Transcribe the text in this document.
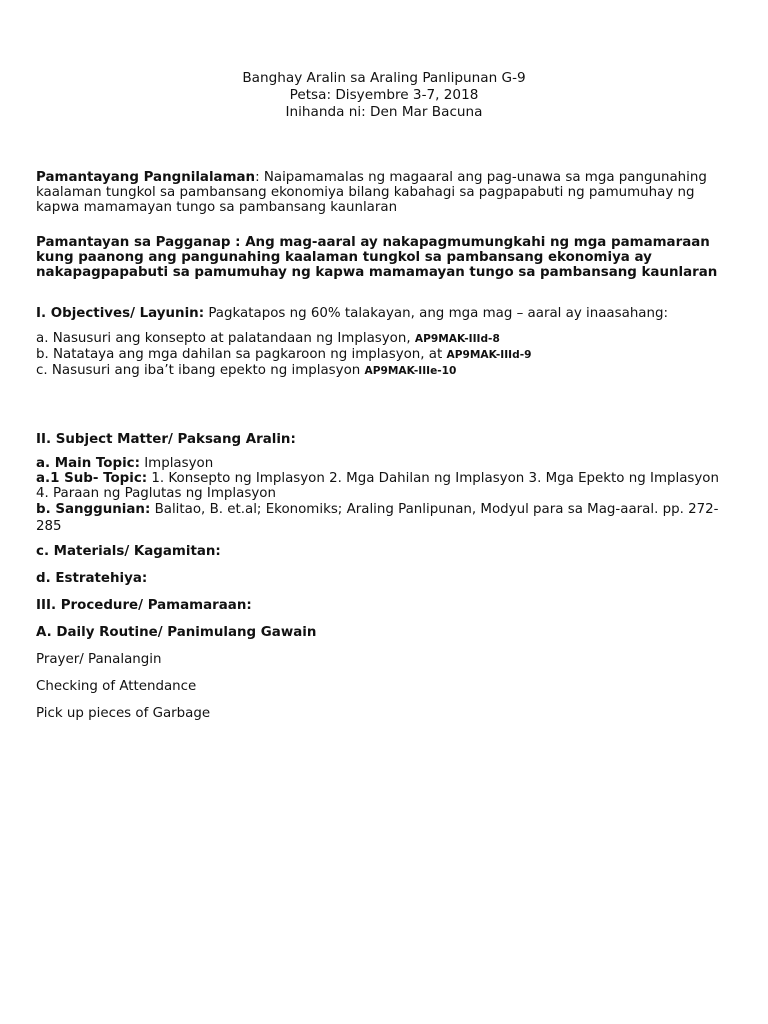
Banghay Aralin sa Araling Panlipunan G-9

Petsa: Disyembre 3-7, 2018

Inihanda ni: Den Mar Bacuna

Pamantayang Pangnilalaman: Naipamamalas ng magaaral ang pag-unawa sa mga pangunahing kaalaman tungkol sa pambansang ekonomiya bilang kabahagi sa pagpapabuti ng pamumuhay ng kapwa mamamayan tungo sa pambansang kaunlaran

Pamantayan sa Pagganap : Ang mag-aaral ay nakapagmumungkahi ng mga pamamaraan kung paanong ang pangunahing kaalaman tungkol sa pambansang ekonomiya ay nakapagpapabuti sa pamumuhay ng kapwa mamamayan tungo sa pambansang kaunlaran

I. Objectives/ Layunin: Pagkatapos ng 60% talakayan, ang mga mag – aaral ay inaasahang:

a. Nasusuri ang konsepto at palatandaan ng Implasyon, AP9MAK-IIId-8

b. Natataya ang mga dahilan sa pagkaroon ng implasyon, at AP9MAK-IIId-9

c. Nasusuri ang iba’t ibang epekto ng implasyon AP9MAK-IIIe-10

II. Subject Matter/ Paksang Aralin:

a. Main Topic: Implasyon

a.1 Sub- Topic: 1. Konsepto ng Implasyon 2. Mga Dahilan ng Implasyon 3. Mga Epekto ng Implasyon

4. Paraan ng Paglutas ng Implasyon

b. Sanggunian: Balitao, B. et.al; Ekonomiks; Araling Panlipunan, Modyul para sa Mag-aaral. pp. 272-285

c. Materials/ Kagamitan:

d. Estratehiya:

III. Procedure/ Pamamaraan:

A. Daily Routine/ Panimulang Gawain

Prayer/ Panalangin

Checking of Attendance

Pick up pieces of Garbage
